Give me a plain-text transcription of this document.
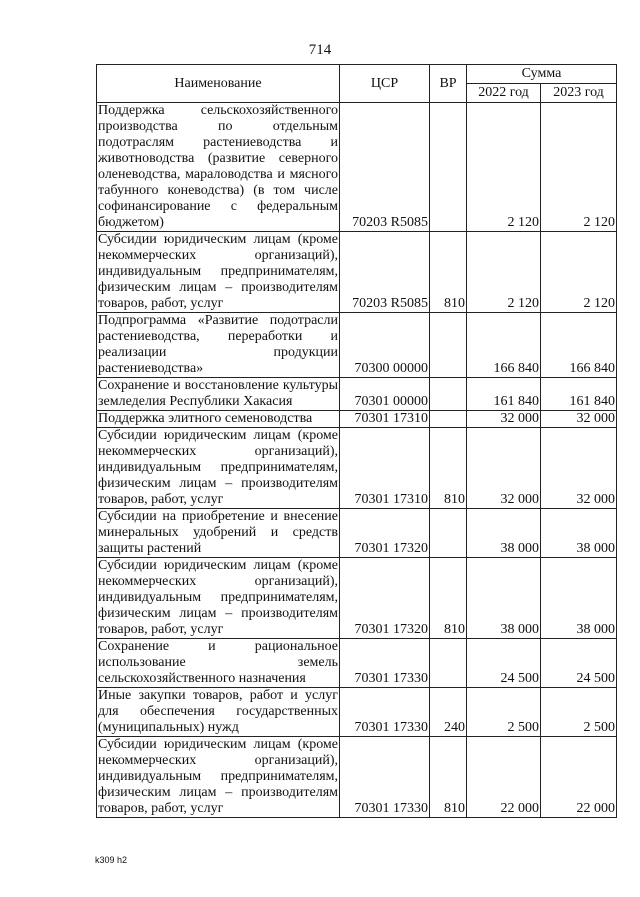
714
Наименование	ЦСР	ВР	Сумма	
			2022 год	2023 год
Поддержка сельскохозяйственного производства по отдельным подотраслям растениеводства и животноводства (развитие северного оленеводства, мараловодства и мясного табунного коневодства) (в том числе софинансирование с федеральным бюджетом)	70203 R5085		2 120	2 120
Субсидии юридическим лицам (кроме некоммерческих организаций), индивидуальным предпринимателям, физическим лицам – производителям товаров, работ, услуг	70203 R5085	810	2 120	2 120
Подпрограмма «Развитие подотрасли растениеводства, переработки и реализации продукции растениеводства»	70300 00000		166 840	166 840
Сохранение и восстановление культуры земледелия Республики Хакасия	70301 00000		161 840	161 840
Поддержка элитного семеноводства	70301 17310		32 000	32 000
Субсидии юридическим лицам (кроме некоммерческих организаций), индивидуальным предпринимателям, физическим лицам – производителям товаров, работ, услуг	70301 17310	810	32 000	32 000
Субсидии на приобретение и внесение минеральных удобрений и средств защиты растений	70301 17320		38 000	38 000
Субсидии юридическим лицам (кроме некоммерческих организаций), индивидуальным предпринимателям, физическим лицам – производителям товаров, работ, услуг	70301 17320	810	38 000	38 000
Сохранение и рациональное использование земель сельскохозяйственного назначения	70301 17330		24 500	24 500
Иные закупки товаров, работ и услуг для обеспечения государственных (муниципальных) нужд	70301 17330	240	2 500	2 500
Субсидии юридическим лицам (кроме некоммерческих организаций), индивидуальным предпринимателям, физическим лицам – производителям товаров, работ, услуг	70301 17330	810	22 000	22 000
k309 h2
